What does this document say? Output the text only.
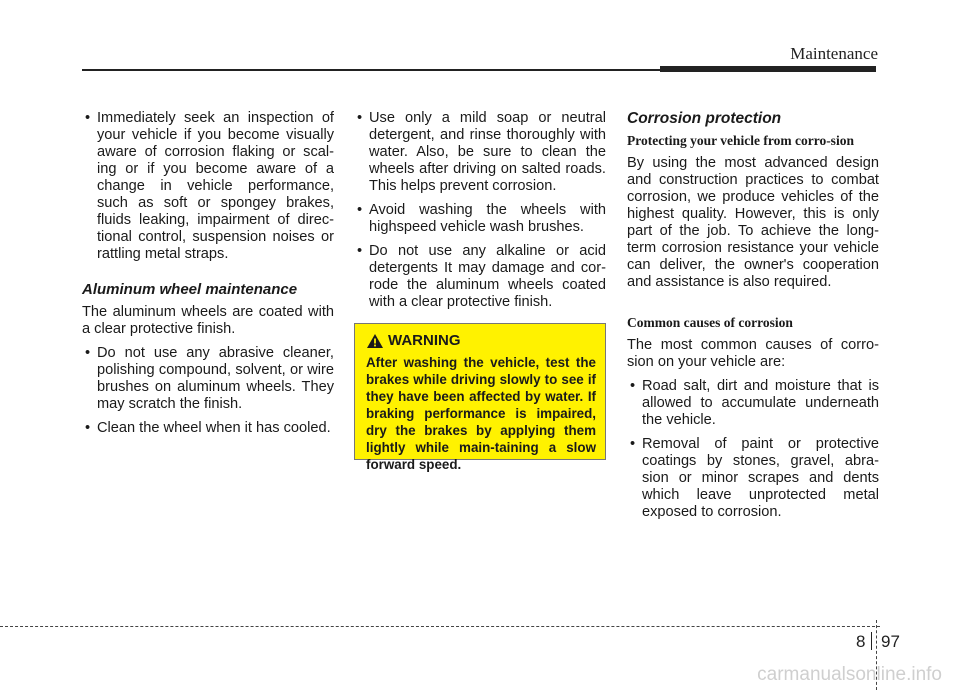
Maintenance
• Immediately seek an inspection of your vehicle if you become visually aware of corrosion flaking or scal-ing or if you become aware of a change in vehicle performance, such as soft or spongey brakes, fluids leaking, impairment of direc-tional control, suspension noises or rattling metal straps.
Aluminum wheel maintenance

The aluminum wheels are coated with a clear protective finish.

• Do not use any abrasive cleaner, polishing compound, solvent, or wire brushes on aluminum wheels. They may scratch the finish.
• Clean the wheel when it has cooled.
• Use only a mild soap or neutral detergent, and rinse thoroughly with water. Also, be sure to clean the wheels after driving on salted roads. This helps prevent corrosion.
• Avoid washing the wheels with highspeed vehicle wash brushes.
• Do not use any alkaline or acid detergents It may damage and cor-rode the aluminum wheels coated with a clear protective finish.
WARNING
After washing the vehicle, test the brakes while driving slowly to see if they have been affected by water. If braking performance is impaired, dry the brakes by applying them lightly while main-taining a slow forward speed.
Corrosion protection
Protecting your vehicle from corro-sion

By using the most advanced design and construction practices to combat corrosion, we produce vehicles of the highest quality. However, this is only part of the job. To achieve the long-term corrosion resistance your vehicle can deliver, the owner's cooperation and assistance is also required.

Common causes of corrosion

The most common causes of corro-sion on your vehicle are:

• Road salt, dirt and moisture that is allowed to accumulate underneath the vehicle.
• Removal of paint or protective coatings by stones, gravel, abra-sion or minor scrapes and dents which leave unprotected metal exposed to corrosion.
8 97
carmanualsonline.info
